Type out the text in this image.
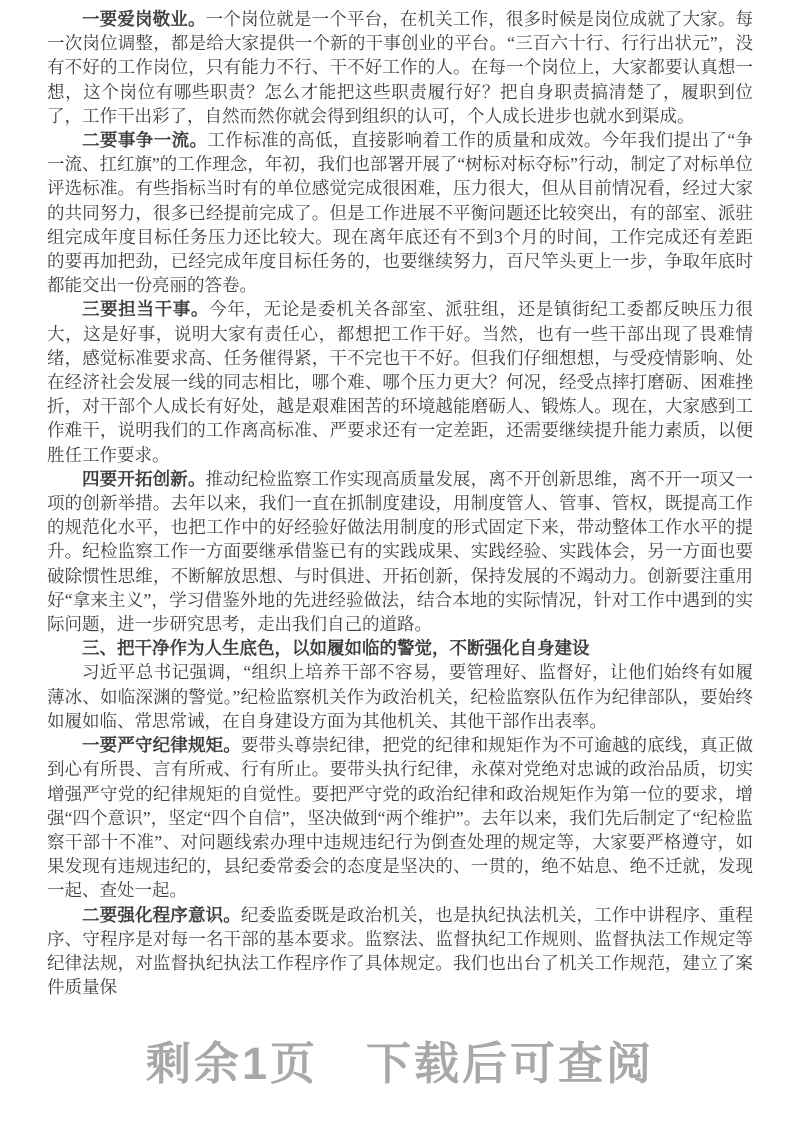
一要爱岗敬业。一个岗位就是一个平台，在机关工作，很多时候是岗位成就了大家。每一次岗位调整，都是给大家提供一个新的干事创业的平台。“三百六十行、行行出状元”，没有不好的工作岗位，只有能力不行、干不好工作的人。在每一个岗位上，大家都要认真想一想，这个岗位有哪些职责？怎么才能把这些职责履行好？把自身职责搞清楚了，履职到位了，工作干出彩了，自然而然你就会得到组织的认可，个人成长进步也就水到渠成。

二要事争一流。工作标准的高低，直接影响着工作的质量和成效。今年我们提出了“争一流、扛红旗”的工作理念，年初，我们也部署开展了“树标对标夺标”行动，制定了对标单位评选标准。有些指标当时有的单位感觉完成很困难，压力很大，但从目前情况看，经过大家的共同努力，很多已经提前完成了。但是工作进展不平衡问题还比较突出，有的部室、派驻组完成年度目标任务压力还比较大。现在离年底还有不到3个月的时间，工作完成还有差距的要再加把劲，已经完成年度目标任务的，也要继续努力，百尺竿头更上一步，争取年底时都能交出一份亮丽的答卷。

三要担当干事。今年，无论是委机关各部室、派驻组，还是镇街纪工委都反映压力很大，这是好事，说明大家有责任心，都想把工作干好。当然，也有一些干部出现了畏难情绪，感觉标准要求高、任务催得紧，干不完也干不好。但我们仔细想想，与受疫情影响、处在经济社会发展一线的同志相比，哪个难、哪个压力更大？何况，经受点摔打磨砺、困难挫折，对干部个人成长有好处，越是艰难困苦的环境越能磨砺人、锻炼人。现在，大家感到工作难干，说明我们的工作离高标准、严要求还有一定差距，还需要继续提升能力素质，以便胜任工作要求。

四要开拓创新。推动纪检监察工作实现高质量发展，离不开创新思维，离不开一项又一项的创新举措。去年以来，我们一直在抓制度建设，用制度管人、管事、管权，既提高工作的规范化水平，也把工作中的好经验好做法用制度的形式固定下来，带动整体工作水平的提升。纪检监察工作一方面要继承借鉴已有的实践成果、实践经验、实践体会，另一方面也要破除惯性思维，不断解放思想、与时俱进、开拓创新，保持发展的不竭动力。创新要注重用好“拿来主义”，学习借鉴外地的先进经验做法，结合本地的实际情况，针对工作中遇到的实际问题，进一步研究思考，走出我们自己的道路。

三、把干净作为人生底色，以如履如临的警觉，不断强化自身建设

习近平总书记强调，“组织上培养干部不容易，要管理好、监督好，让他们始终有如履薄冰、如临深渊的警觉。”纪检监察机关作为政治机关，纪检监察队伍作为纪律部队，要始终如履如临、常思常诫，在自身建设方面为其他机关、其他干部作出表率。

一要严守纪律规矩。要带头尊崇纪律，把党的纪律和规矩作为不可逾越的底线，真正做到心有所畏、言有所戒、行有所止。要带头执行纪律，永葆对党绝对忠诚的政治品质，切实增强严守党的纪律规矩的自觉性。要把严守党的政治纪律和政治规矩作为第一位的要求，增强“四个意识”，坚定“四个自信”，坚决做到“两个维护”。去年以来，我们先后制定了“纪检监察干部十不准”、对问题线索办理中违规违纪行为倒查处理的规定等，大家要严格遵守，如果发现有违规违纪的，县纪委常委会的态度是坚决的、一贯的，绝不姑息、绝不迁就，发现一起、查处一起。

二要强化程序意识。纪委监委既是政治机关，也是执纪执法机关，工作中讲程序、重程序、守程序是对每一名干部的基本要求。监察法、监督执纪工作规则、监督执法工作规定等纪律法规，对监督执纪执法工作程序作了具体规定。我们也出台了机关工作规范，建立了案件质量保

剩余1页　下载后可查阅
